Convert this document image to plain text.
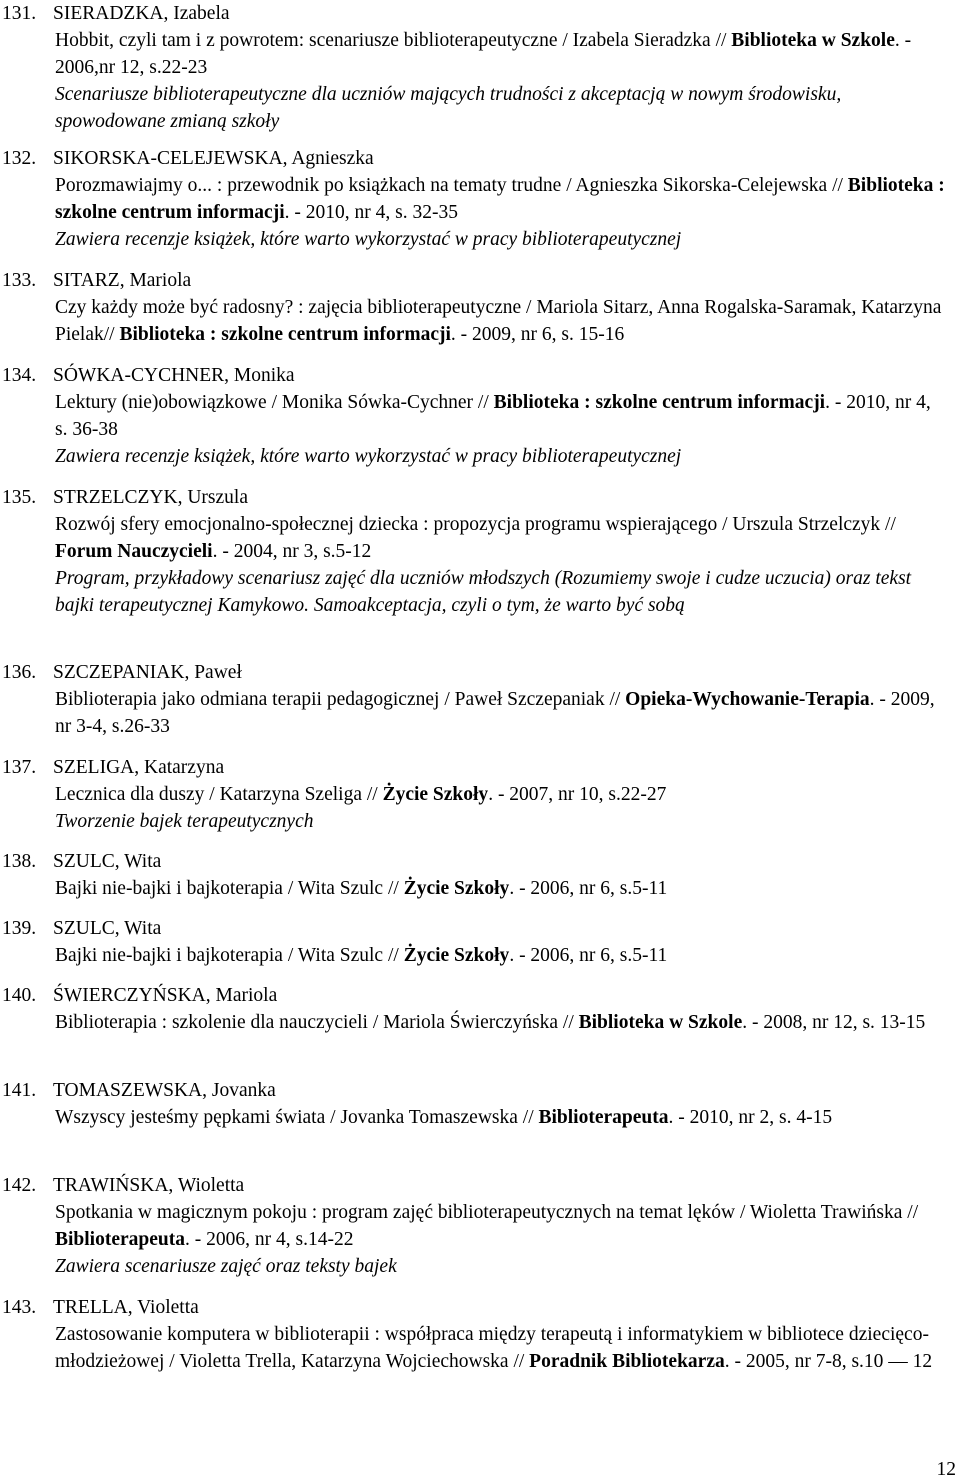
131. SIERADZKA, Izabela
Hobbit, czyli tam i z powrotem: scenariusze biblioterapeutyczne / Izabela Sieradzka // Biblioteka w Szkole. - 2006,nr 12, s.22-23
Scenariusze biblioterapeutyczne dla uczniów mających trudności z akceptacją w nowym środowisku, spowodowane zmianą szkoły
132. SIKORSKA-CELEJEWSKA, Agnieszka
Porozmawiajmy o... : przewodnik po książkach na tematy trudne / Agnieszka Sikorska-Celejewska // Biblioteka : szkolne centrum informacji. - 2010, nr 4, s. 32-35
Zawiera recenzje książek, które warto wykorzystać w pracy biblioterapeutycznej
133. SITARZ, Mariola
Czy każdy może być radosny? : zajęcia biblioterapeutyczne / Mariola Sitarz, Anna Rogalska-Saramak, Katarzyna Pielak// Biblioteka : szkolne centrum informacji. - 2009, nr 6, s. 15-16
134. SÓWKA-CYCHNER, Monika
Lektury (nie)obowiązkowe / Monika Sówka-Cychner // Biblioteka : szkolne centrum informacji. - 2010, nr 4, s. 36-38
Zawiera recenzje książek, które warto wykorzystać w pracy biblioterapeutycznej
135. STRZELCZYK, Urszula
Rozwój sfery emocjonalno-społecznej dziecka : propozycja programu wspierającego / Urszula Strzelczyk // Forum Nauczycieli. - 2004, nr 3, s.5-12
Program, przykładowy scenariusz zajęć dla uczniów młodszych (Rozumiemy swoje i cudze uczucia) oraz tekst bajki terapeutycznej Kamykowo. Samoakceptacja, czyli o tym, że warto być sobą
136. SZCZEPANIAK, Paweł
Biblioterapia jako odmiana terapii pedagogicznej / Paweł Szczepaniak // Opieka-Wychowanie-Terapia. - 2009, nr 3-4, s.26-33
137. SZELIGA, Katarzyna
Lecznica dla duszy / Katarzyna Szeliga // Życie Szkoły. - 2007, nr 10, s.22-27
Tworzenie bajek terapeutycznych
138. SZULC, Wita
Bajki nie-bajki i bajkoterapia / Wita Szulc // Życie Szkoły. - 2006, nr 6, s.5-11
139. SZULC, Wita
Bajki nie-bajki i bajkoterapia / Wita Szulc // Życie Szkoły. - 2006, nr 6, s.5-11
140. ŚWIERCZYŃSKA, Mariola
Biblioterapia : szkolenie dla nauczycieli / Mariola Świerczyńska // Biblioteka w Szkole. - 2008, nr 12, s. 13-15
141. TOMASZEWSKA, Jovanka
Wszyscy jesteśmy pępkami świata / Jovanka Tomaszewska // Biblioterapeuta. - 2010, nr 2, s. 4-15
142. TRAWIŃSKA, Wioletta
Spotkania w magicznym pokoju : program zajęć biblioterapeutycznych na temat lęków / Wioletta Trawińska // Biblioterapeuta. - 2006, nr 4, s.14-22
Zawiera scenariusze zajęć oraz teksty bajek
143. TRELLA, Violetta
Zastosowanie komputera w biblioterapii : współpraca między terapeutą i informatykiem w bibliotece dziecięco-młodzieżowej / Violetta Trella, Katarzyna Wojciechowska // Poradnik Bibliotekarza. - 2005, nr 7-8, s.10 — 12
12
